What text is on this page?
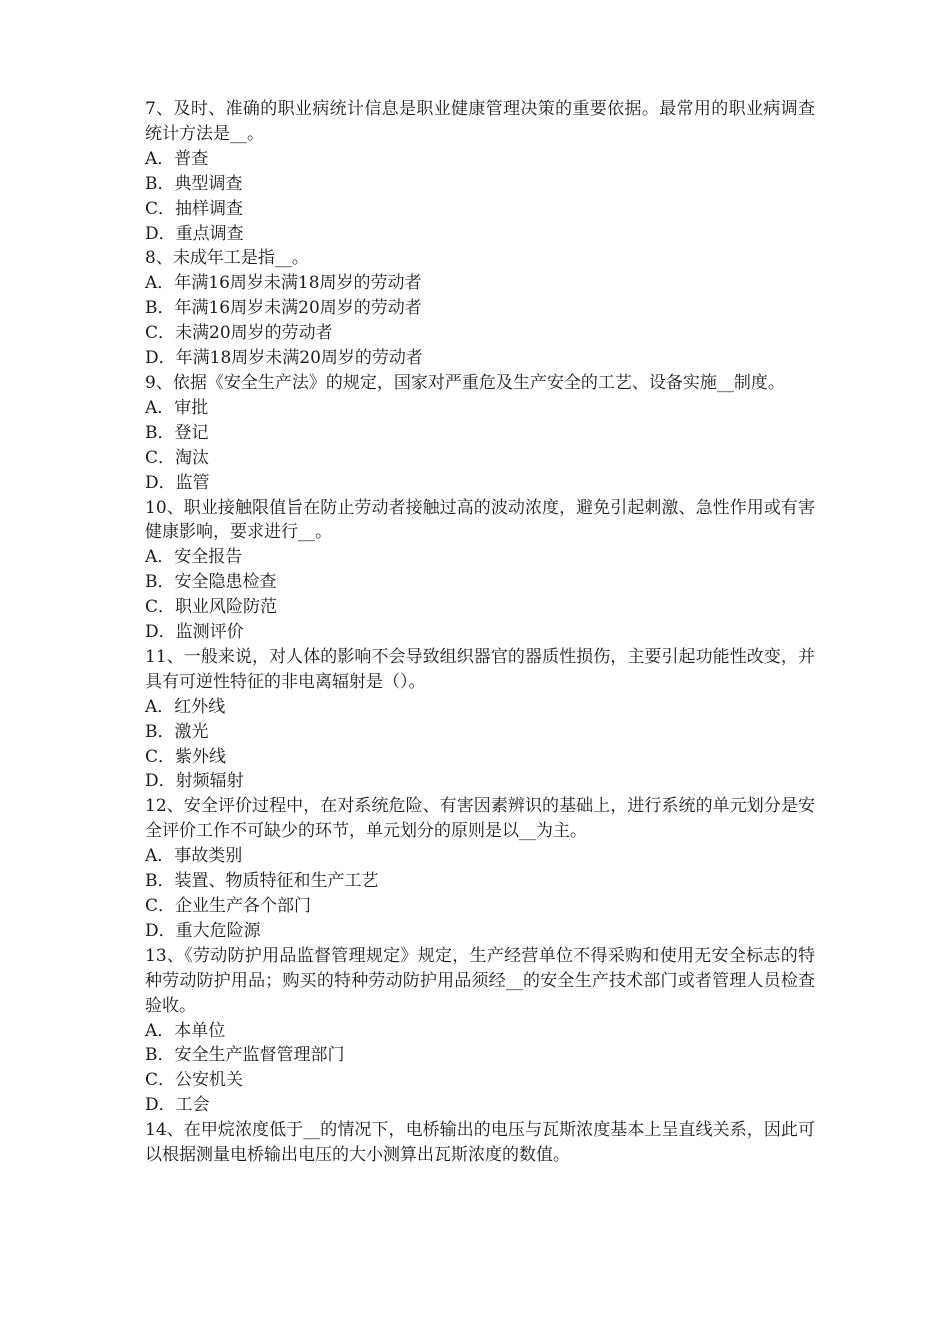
7、及时、准确的职业病统计信息是职业健康管理决策的重要依据。最常用的职业病调查统计方法是__。
A．普查
B．典型调查
C．抽样调查
D．重点调查
8、未成年工是指__。
A．年满16周岁未满18周岁的劳动者
B．年满16周岁未满20周岁的劳动者
C．未满20周岁的劳动者
D．年满18周岁未满20周岁的劳动者
9、依据《安全生产法》的规定，国家对严重危及生产安全的工艺、设备实施__制度。
A．审批
B．登记
C．淘汰
D．监管
10、职业接触限值旨在防止劳动者接触过高的波动浓度，避免引起刺激、急性作用或有害健康影响，要求进行__。
A．安全报告
B．安全隐患检查
C．职业风险防范
D．监测评价
11、一般来说，对人体的影响不会导致组织器官的器质性损伤，主要引起功能性改变，并具有可逆性特征的非电离辐射是（）。
A．红外线
B．激光
C．紫外线
D．射频辐射
12、安全评价过程中，在对系统危险、有害因素辨识的基础上，进行系统的单元划分是安全评价工作不可缺少的环节，单元划分的原则是以__为主。
A．事故类别
B．装置、物质特征和生产工艺
C．企业生产各个部门
D．重大危险源
13、《劳动防护用品监督管理规定》规定，生产经营单位不得采购和使用无安全标志的特种劳动防护用品；购买的特种劳动防护用品须经__的安全生产技术部门或者管理人员检查验收。
A．本单位
B．安全生产监督管理部门
C．公安机关
D．工会
14、在甲烷浓度低于__的情况下，电桥输出的电压与瓦斯浓度基本上呈直线关系，因此可以根据测量电桥输出电压的大小测算出瓦斯浓度的数值。
